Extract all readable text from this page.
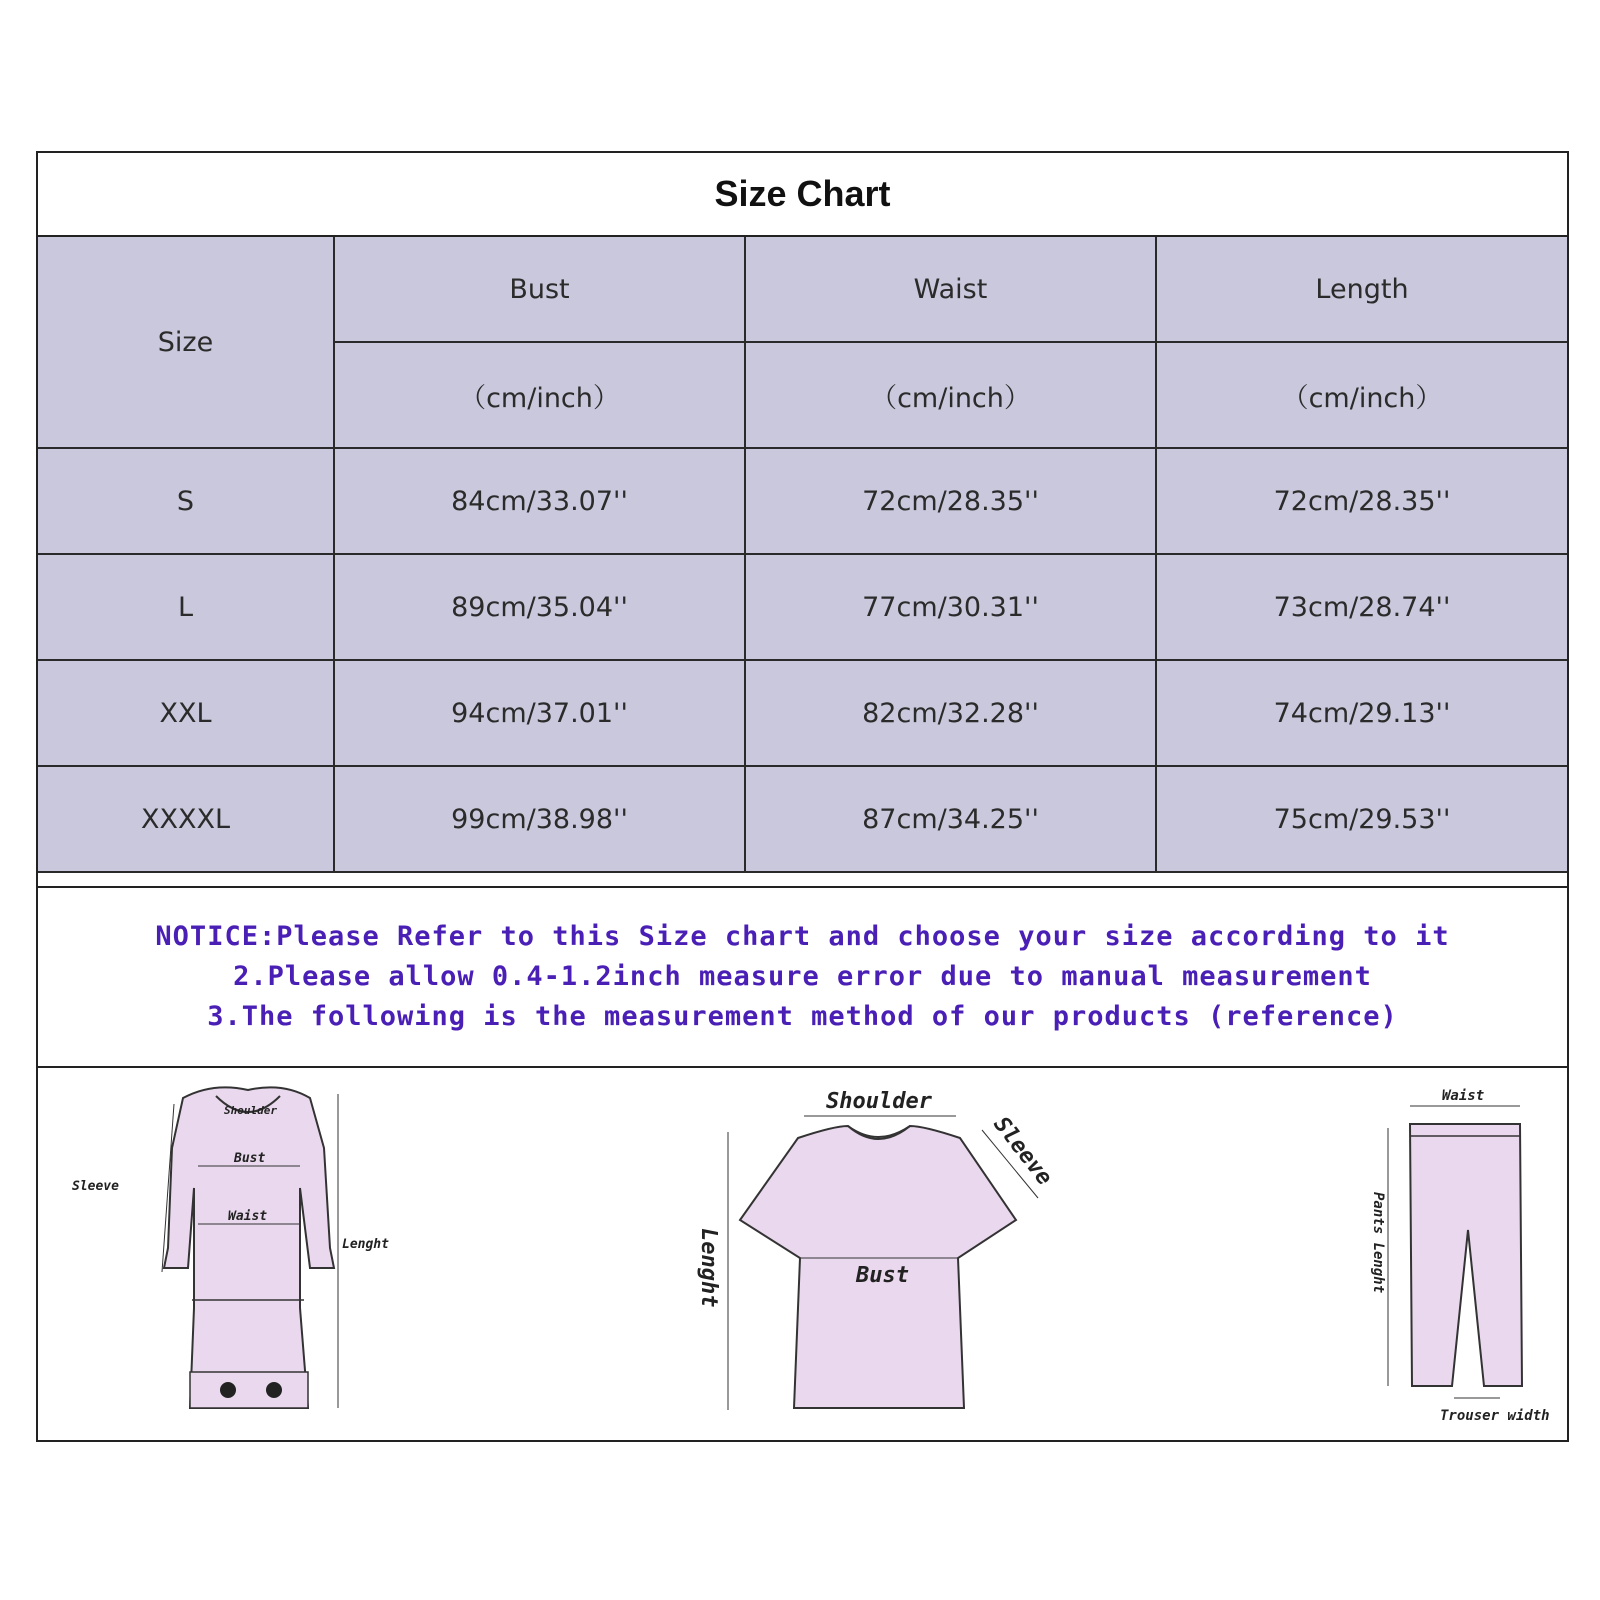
Size Chart
Size	Bust	Waist	Length
	（cm/inch）	（cm/inch）	（cm/inch）
S	84cm/33.07''	72cm/28.35''	72cm/28.35''
L	89cm/35.04''	77cm/30.31''	73cm/28.74''
XXL	94cm/37.01''	82cm/32.28''	74cm/29.13''
XXXXL	99cm/38.98''	87cm/34.25''	75cm/29.53''
NOTICE:Please Refer to this Size chart and choose your size according to it
2.Please allow 0.4-1.2inch measure error due to manual measurement
3.The following is the measurement method of our products (reference)
Shoulder
Bust
Waist
Sleeve
Lenght
Shoulder
Bust
Sleeve
Lenght
Waist
Pants Lenght
Trouser width
